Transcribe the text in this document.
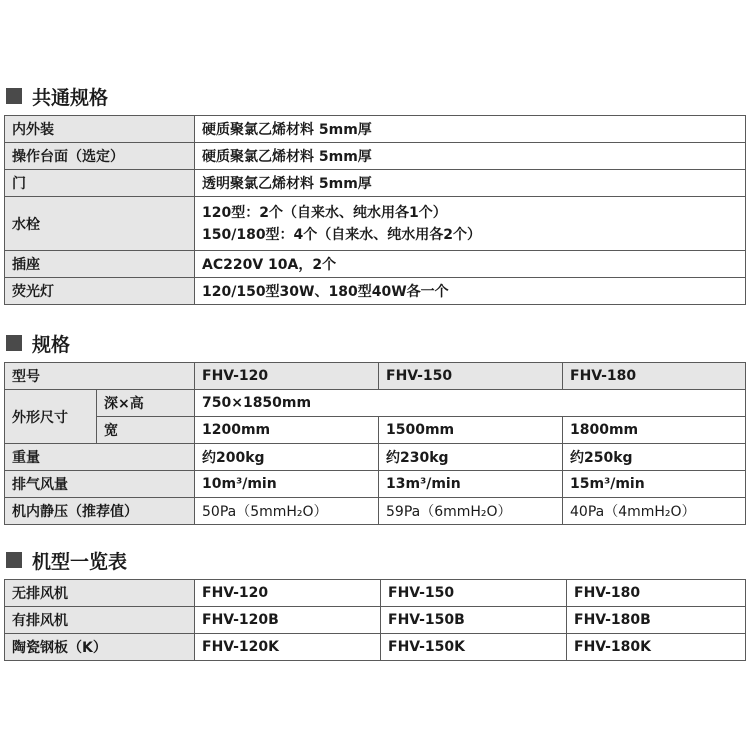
共通规格
内外装	硬质聚氯乙烯材料 5mm厚
操作台面（选定）	硬质聚氯乙烯材料 5mm厚
门	透明聚氯乙烯材料 5mm厚
水栓	120型：2个（自来水、纯水用各1个）
150/180型：4个（自来水、纯水用各2个）

插座	AC220V 10A，2个
荧光灯	120/150型30W、180型40W各一个
规格
型号		FHV-120	FHV-150	FHV-180
外形尺寸	深×高	750×1850mm		
	宽	1200mm	1500mm	1800mm
重量		约200kg	约230kg	约250kg
排气风量		10m³/min	13m³/min	15m³/min
机内静压（推荐值）		50Pa（5mmH₂O）	59Pa（6mmH₂O）	40Pa（4mmH₂O）
机型一览表
无排风机	FHV-120	FHV-150	FHV-180
有排风机	FHV-120B	FHV-150B	FHV-180B
陶瓷钢板（K）	FHV-120K	FHV-150K	FHV-180K
